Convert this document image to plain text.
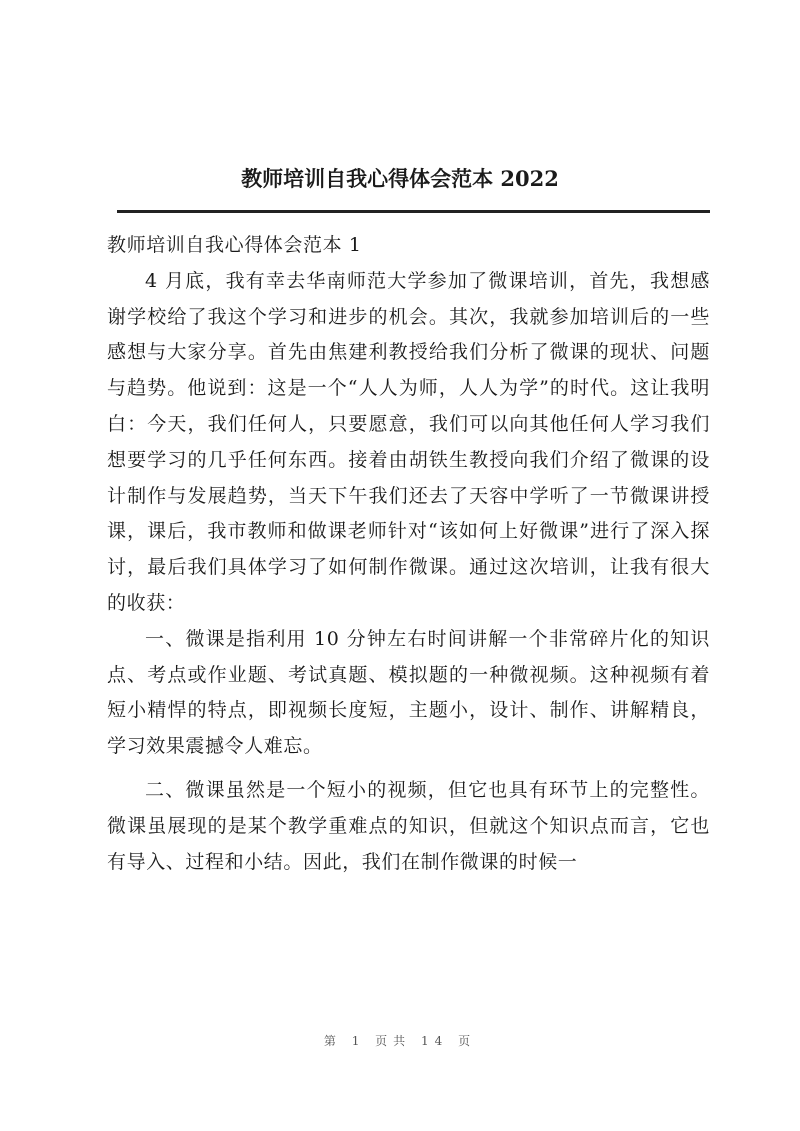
教师培训自我心得体会范本 2022

教师培训自我心得体会范本 1

4 月底，我有幸去华南师范大学参加了微课培训，首先，我想感谢学校给了我这个学习和进步的机会。其次，我就参加培训后的一些感想与大家分享。首先由焦建利教授给我们分析了微课的现状、问题与趋势。他说到：这是一个“人人为师，人人为学”的时代。这让我明白：今天，我们任何人，只要愿意，我们可以向其他任何人学习我们想要学习的几乎任何东西。接着由胡铁生教授向我们介绍了微课的设计制作与发展趋势，当天下午我们还去了天容中学听了一节微课讲授课，课后，我市教师和做课老师针对“该如何上好微课”进行了深入探讨，最后我们具体学习了如何制作微课。通过这次培训，让我有很大的收获：

一、微课是指利用 10 分钟左右时间讲解一个非常碎片化的知识点、考点或作业题、考试真题、模拟题的一种微视频。这种视频有着短小精悍的特点，即视频长度短，主题小，设计、制作、讲解精良，学习效果震撼令人难忘。

二、微课虽然是一个短小的视频，但它也具有环节上的完整性。微课虽展现的是某个教学重难点的知识，但就这个知识点而言，它也有导入、过程和小结。因此，我们在制作微课的时候一

第 1 页共 14 页
